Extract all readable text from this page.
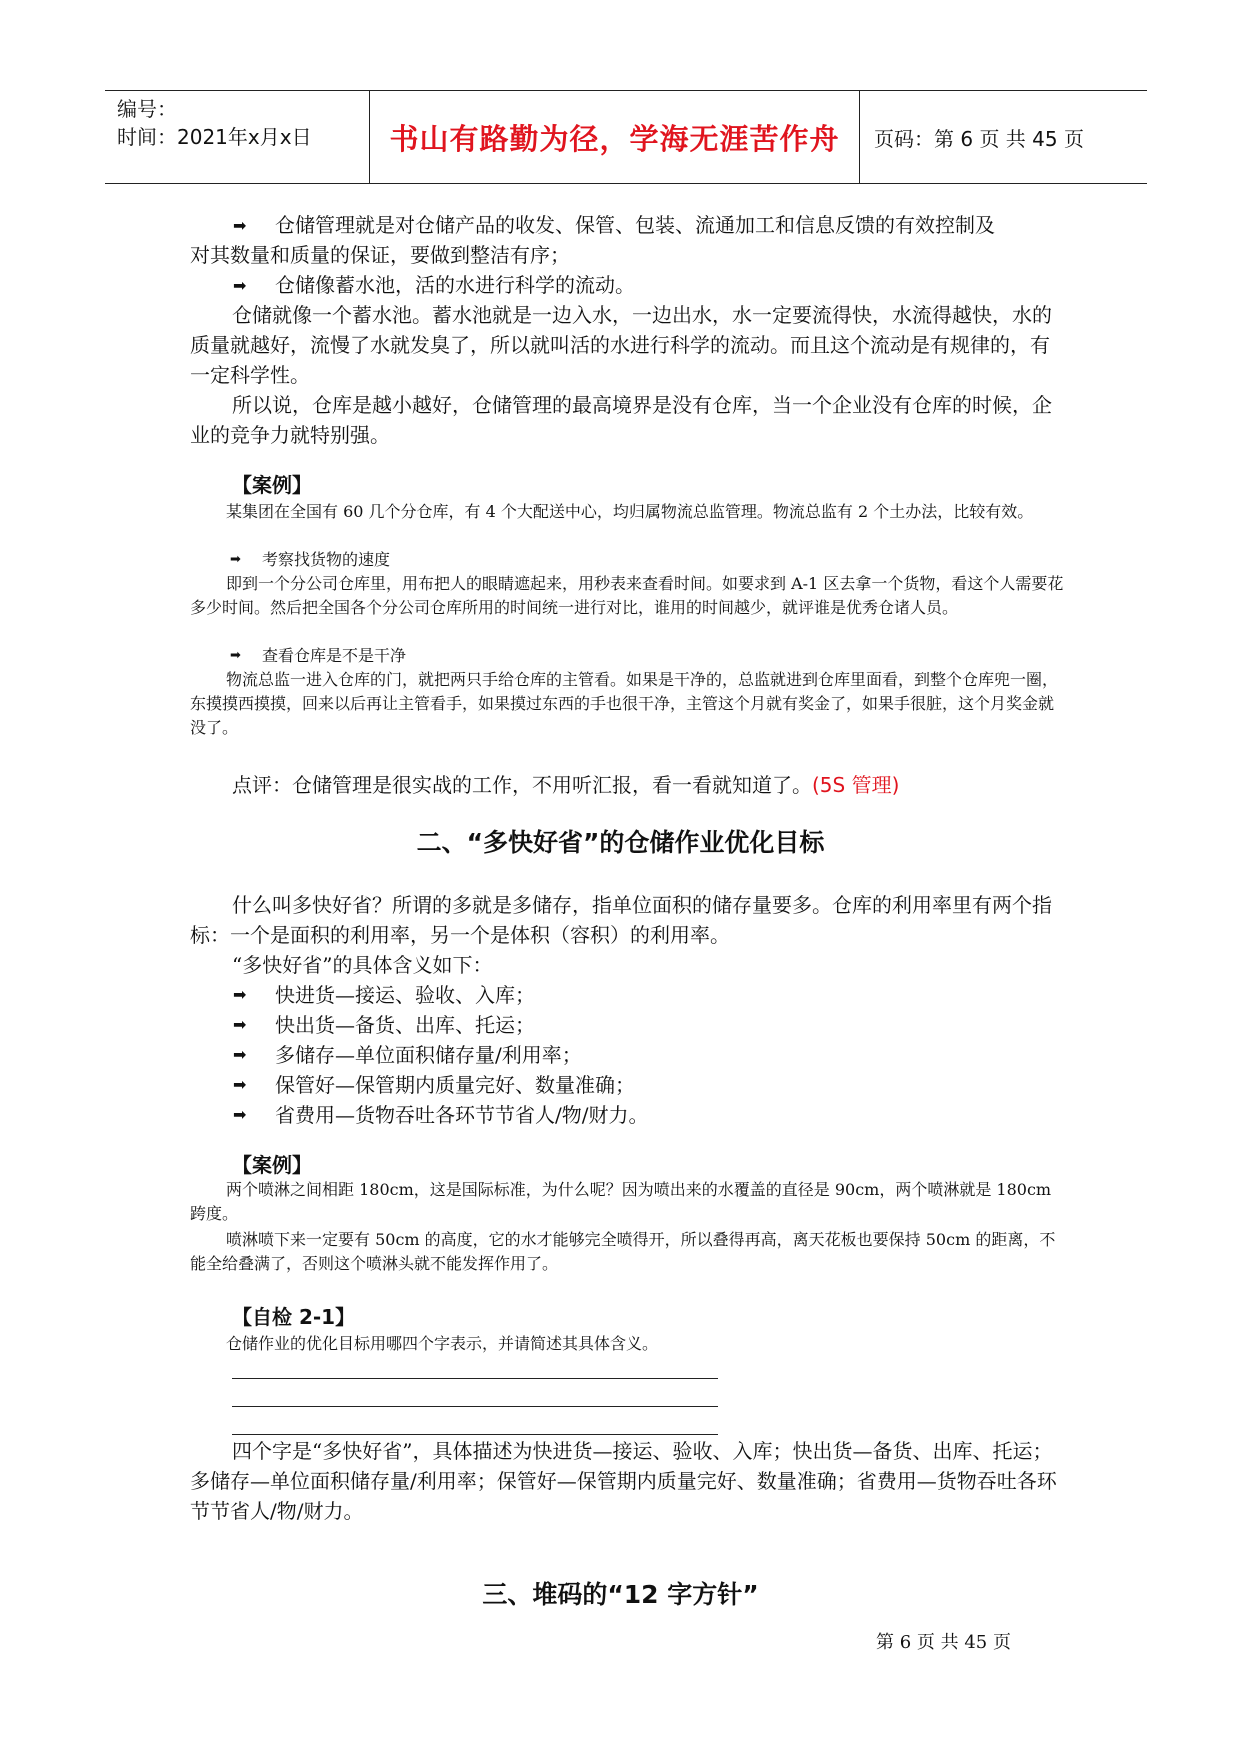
编号：
时间：2021年x月x日	书山有路勤为径，学海无涯苦作舟 页码：第 6 页 共 45 页
➡ 仓储管理就是对仓储产品的收发、保管、包装、流通加工和信息反馈的有效控制及
对其数量和质量的保证，要做到整洁有序；
➡ 仓储像蓄水池，活的水进行科学的流动。

仓储就像一个蓄水池。蓄水池就是一边入水，一边出水，水一定要流得快，水流得越快，水的质量就越好，流慢了水就发臭了，所以就叫活的水进行科学的流动。而且这个流动是有规律的，有一定科学性。

所以说，仓库是越小越好，仓储管理的最高境界是没有仓库，当一个企业没有仓库的时候，企业的竞争力就特别强。

【案例】

某集团在全国有 60 几个分仓库，有 4 个大配送中心，均归属物流总监管理。物流总监有 2 个土办法，比较有效。

➡ 考察找货物的速度

即到一个分公司仓库里，用布把人的眼睛遮起来，用秒表来查看时间。如要求到 A-1 区去拿一个货物，看这个人需要花多少时间。然后把全国各个分公司仓库所用的时间统一进行对比，谁用的时间越少，就评谁是优秀仓诸人员。

➡ 查看仓库是不是干净

物流总监一进入仓库的门，就把两只手给仓库的主管看。如果是干净的，总监就进到仓库里面看，到整个仓库兜一圈，东摸摸西摸摸，回来以后再让主管看手，如果摸过东西的手也很干净，主管这个月就有奖金了，如果手很脏，这个月奖金就没了。

点评：仓储管理是很实战的工作，不用听汇报，看一看就知道了。(5S 管理)

二、“多快好省”的仓储作业优化目标

什么叫多快好省？所谓的多就是多储存，指单位面积的储存量要多。仓库的利用率里有两个指标：一个是面积的利用率，另一个是体积（容积）的利用率。

“多快好省”的具体含义如下：

➡ 快进货—接运、验收、入库；
➡ 快出货—备货、出库、托运；
➡ 多储存—单位面积储存量/利用率；
➡ 保管好—保管期内质量完好、数量准确；
➡ 省费用—货物吞吐各环节节省人/物/财力。
【案例】

两个喷淋之间相距 180cm，这是国际标准，为什么呢？因为喷出来的水覆盖的直径是 90cm，两个喷淋就是 180cm 跨度。

喷淋喷下来一定要有 50cm 的高度，它的水才能够完全喷得开，所以叠得再高，离天花板也要保持 50cm 的距离，不能全给叠满了，否则这个喷淋头就不能发挥作用了。

【自检 2-1】

仓储作业的优化目标用哪四个字表示，并请简述其具体含义。

四个字是“多快好省”，具体描述为快进货—接运、验收、入库；快出货—备货、出库、托运；多储存—单位面积储存量/利用率；保管好—保管期内质量完好、数量准确；省费用—货物吞吐各环节节省人/物/财力。

三、堆码的“12 字方针”
第 6 页 共 45 页
